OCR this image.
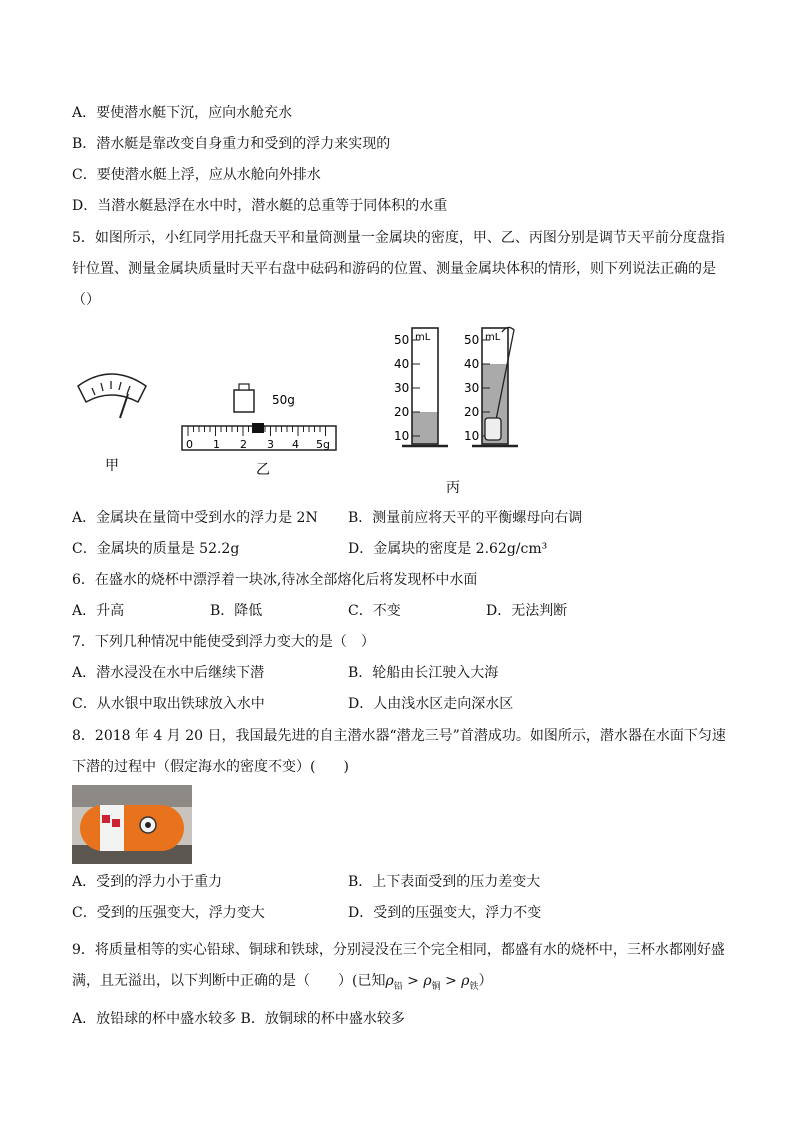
A．要使潜水艇下沉，应向水舱充水
B．潜水艇是靠改变自身重力和受到的浮力来实现的
C．要使潜水艇上浮，应从水舱向外排水
D．当潜水艇悬浮在水中时，潜水艇的总重等于同体积的水重
5．如图所示，小红同学用托盘天平和量筒测量一金属块的密度，甲、乙、丙图分别是调节天平前分度盘指
针位置、测量金属块质量时天平右盘中砝码和游码的位置、测量金属块体积的情形，则下列说法正确的是
（）
甲
50g
0 1 2 3 4 5g
乙
mL
50
40
30
20
10
mL
50
40
30
20
10
丙
A．金属块在量筒中受到水的浮力是 2N B．测量前应将天平的平衡螺母向右调
C．金属块的质量是 52.2g	D．金属块的密度是 2.62g/cm³
6．在盛水的烧杯中漂浮着一块冰,待冰全部熔化后将发现杯中水面
A．升高	B．降低	C．不变	D．无法判断
7．下列几种情况中能使受到浮力变大的是（　）
A．潜水浸没在水中后继续下潜	B．轮船由长江驶入大海
C．从水银中取出铁球放入水中	D．人由浅水区走向深水区
8．2018 年 4 月 20 日，我国最先进的自主潜水器“潜龙三号”首潜成功。如图所示，潜水器在水面下匀速
下潜的过程中（假定海水的密度不变）(　　)
A．受到的浮力小于重力	B．上下表面受到的压力差变大
C．受到的压强变大，浮力变大	D．受到的压强变大，浮力不变
9．将质量相等的实心铅球、铜球和铁球，分别浸没在三个完全相同，都盛有水的烧杯中，三杯水都刚好盛
满，且无溢出，以下判断中正确的是（　　）(已知$\rho_铅 > \rho_铜 > \rho_铁$）
A．放铅球的杯中盛水较多 B．放铜球的杯中盛水较多
